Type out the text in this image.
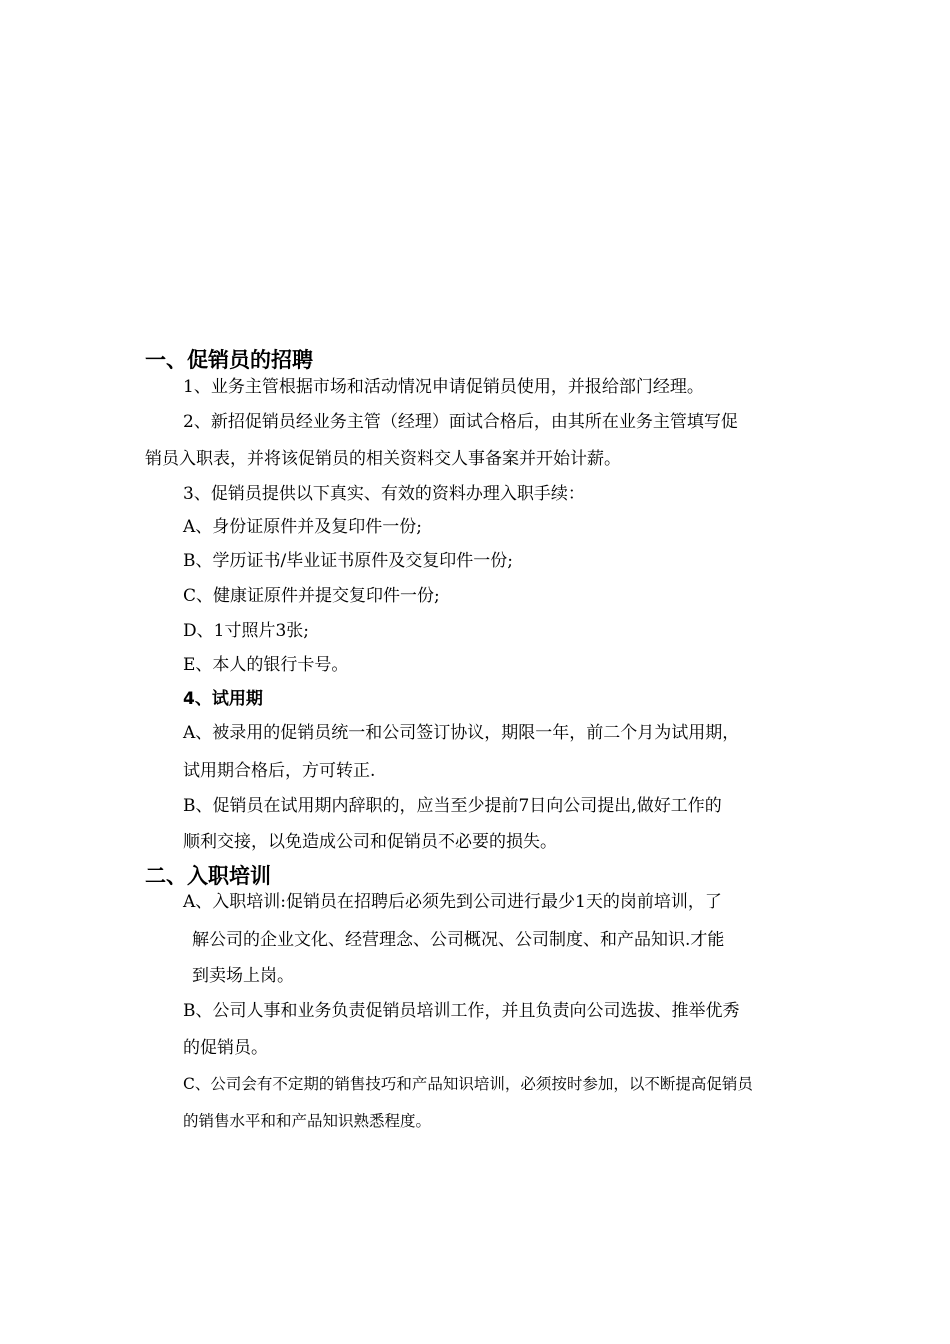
一、促销员的招聘
1、业务主管根据市场和活动情况申请促销员使用，并报给部门经理。
2、新招促销员经业务主管（经理）面试合格后，由其所在业务主管填写促
销员入职表，并将该促销员的相关资料交人事备案并开始计薪。
3、促销员提供以下真实、有效的资料办理入职手续：
A、身份证原件并及复印件一份;
B、学历证书/毕业证书原件及交复印件一份;
C、健康证原件并提交复印件一份;
D、1寸照片3张;
E、本人的银行卡号。
4、试用期
A、被录用的促销员统一和公司签订协议，期限一年，前二个月为试用期，
试用期合格后，方可转正.
B、促销员在试用期内辞职的，应当至少提前7日向公司提出,做好工作的
顺利交接，以免造成公司和促销员不必要的损失。
二、入职培训
A、入职培训:促销员在招聘后必须先到公司进行最少1天的岗前培训，了
解公司的企业文化、经营理念、公司概况、公司制度、和产品知识.才能
到卖场上岗。
B、公司人事和业务负责促销员培训工作，并且负责向公司选拔、推举优秀
的促销员。
C、公司会有不定期的销售技巧和产品知识培训，必须按时参加，以不断提高促销员
的销售水平和和产品知识熟悉程度。
